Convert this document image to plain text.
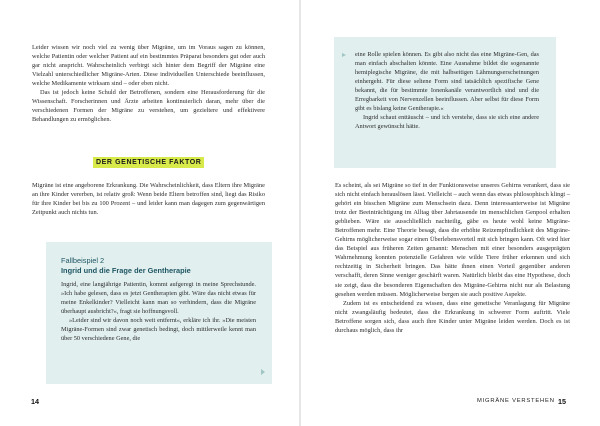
Leider wissen wir noch viel zu wenig über Migräne, um im Voraus sagen zu können, welche Patientin oder welcher Patient auf ein bestimmtes Präparat besonders gut oder auch gar nicht anspricht. Wahrscheinlich verbirgt sich hinter dem Begriff der Migräne eine Vielzahl unterschiedlicher Migräne-Arten. Diese individuellen Unterschiede beeinflussen, welche Medikamente wirksam sind – oder eben nicht.

Das ist jedoch keine Schuld der Betroffenen, sondern eine Herausforderung für die Wissenschaft. Forscherinnen und Ärzte arbeiten kontinuierlich daran, mehr über die verschiedenen Formen der Migräne zu verstehen, um gezieltere und effektivere Behandlungen zu ermöglichen.

DER GENETISCHE FAKTOR

Migräne ist eine angeborene Erkrankung. Die Wahrscheinlichkeit, dass Eltern ihre Migräne an ihre Kinder vererben, ist relativ groß: Wenn beide Eltern betroffen sind, liegt das Risiko für ihre Kinder bei bis zu 100 Prozent – und leider kann man dagegen zum gegenwärtigen Zeitpunkt auch nichts tun.

Fallbeispiel 2
Ingrid und die Frage der Gentherapie

Ingrid, eine langjährige Patientin, kommt aufgeregt in meine Sprechstunde. »Ich habe gelesen, dass es jetzt Gentherapien gibt. Wäre das nicht etwas für meine Enkelkinder? Vielleicht kann man so verhindern, dass die Migräne überhaupt ausbricht?«, fragt sie hoffnungsvoll.

»Leider sind wir davon noch weit entfernt«, erkläre ich ihr. »Die meisten Migräne-Formen sind zwar genetisch bedingt, doch mittlerweile kennt man über 50 verschiedene Gene, die

14

eine Rolle spielen können. Es gibt also nicht das eine Migräne-Gen, das man einfach abschalten könnte. Eine Ausnahme bildet die sogenannte hemiplegische Migräne, die mit halbseitigen Lähmungserscheinungen einhergeht. Für diese seltene Form sind tatsächlich spezifische Gene bekannt, die für bestimmte Ionenkanäle verantwortlich sind und die Erregbarkeit von Nervenzellen beeinflussen. Aber selbst für diese Form gibt es bislang keine Gentherapie.«

Ingrid schaut enttäuscht – und ich verstehe, dass sie sich eine andere Antwort gewünscht hätte.

Es scheint, als sei Migräne so tief in der Funktionsweise unseres Gehirns verankert, dass sie sich nicht einfach herauslösen lässt. Vielleicht – auch wenn das etwas philosophisch klingt – gehört ein bisschen Migräne zum Menschsein dazu. Denn interessanterweise ist Migräne trotz der Beeinträchtigung im Alltag über Jahrtausende im menschlichen Genpool erhalten geblieben. Wäre sie ausschließlich nachteilig, gäbe es heute wohl keine Migräne-Betroffenen mehr. Eine Theorie besagt, dass die erhöhte Reizempfindlichkeit des Migräne-Gehirns möglicherweise sogar einen Überlebensvorteil mit sich bringen kann. Oft wird hier das Beispiel aus früheren Zeiten genannt: Menschen mit einer besonders ausgeprägten Wahrnehmung konnten potenzielle Gefahren wie wilde Tiere früher erkennen und sich rechtzeitig in Sicherheit bringen. Das hätte ihnen einen Vorteil gegenüber anderen verschafft, deren Sinne weniger geschärft waren. Natürlich bleibt das eine Hypothese, doch sie zeigt, dass die besonderen Eigenschaften des Migräne-Gehirns nicht nur als Belastung gesehen werden müssen. Möglicherweise bergen sie auch positive Aspekte.

Zudem ist es entscheidend zu wissen, dass eine genetische Veranlagung für Migräne nicht zwangsläufig bedeutet, dass die Erkrankung in schwerer Form auftritt. Viele Betroffene sorgen sich, dass auch ihre Kinder unter Migräne leiden werden. Doch es ist durchaus möglich, dass ihr

MIGRÄNE VERSTEHEN 15
